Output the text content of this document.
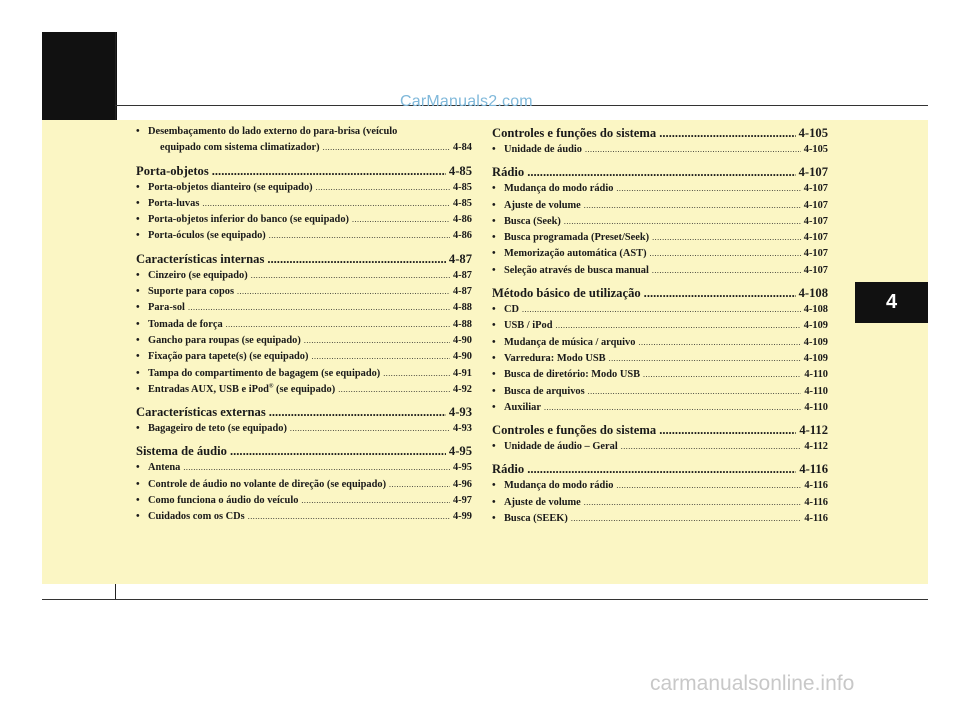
CarManuals2.com
carmanualsonline.info
4
• Desembaçamento do lado externo do para-brisa (veículo
equipado com sistema climatizador) .....	4-84
Porta-objetos .....	4-85
• Porta-objetos dianteiro (se equipado) .....	4-85
• Porta-luvas .....	4-85
• Porta-objetos inferior do banco (se equipado) .....	4-86
• Porta-óculos (se equipado) .....	4-86
Características internas .....	4-87
• Cinzeiro (se equipado) .....	4-87
• Suporte para copos .....	4-87
• Para-sol .....	4-88
• Tomada de força .....	4-88
• Gancho para roupas (se equipado) .....	4-90
• Fixação para tapete(s) (se equipado) .....	4-90
• Tampa do compartimento de bagagem (se equipado) .....	4-91
• Entradas AUX, USB e iPod® (se equipado) .....	4-92
Características externas .....	4-93
• Bagageiro de teto (se equipado) .....	4-93
Sistema de áudio .....	4-95
• Antena .....	4-95
• Controle de áudio no volante de direção (se equipado) .....	4-96
• Como funciona o áudio do veículo .....	4-97
• Cuidados com os CDs .....	4-99
Controles e funções do sistema .....	4-105
• Unidade de áudio .....	4-105
Rádio .....	4-107
• Mudança do modo rádio .....	4-107
• Ajuste de volume .....	4-107
• Busca (Seek) .....	4-107
• Busca programada (Preset/Seek) .....	4-107
• Memorização automática (AST) .....	4-107
• Seleção através de busca manual .....	4-107
Método básico de utilização .....	4-108
• CD .....	4-108
• USB / iPod .....	4-109
• Mudança de música / arquivo .....	4-109
• Varredura: Modo USB .....	4-109
• Busca de diretório: Modo USB .....	4-110
• Busca de arquivos .....	4-110
• Auxiliar .....	4-110
Controles e funções do sistema .....	4-112
• Unidade de áudio – Geral .....	4-112
Rádio .....	4-116
• Mudança do modo rádio .....	4-116
• Ajuste de volume .....	4-116
• Busca (SEEK) .....	4-116
